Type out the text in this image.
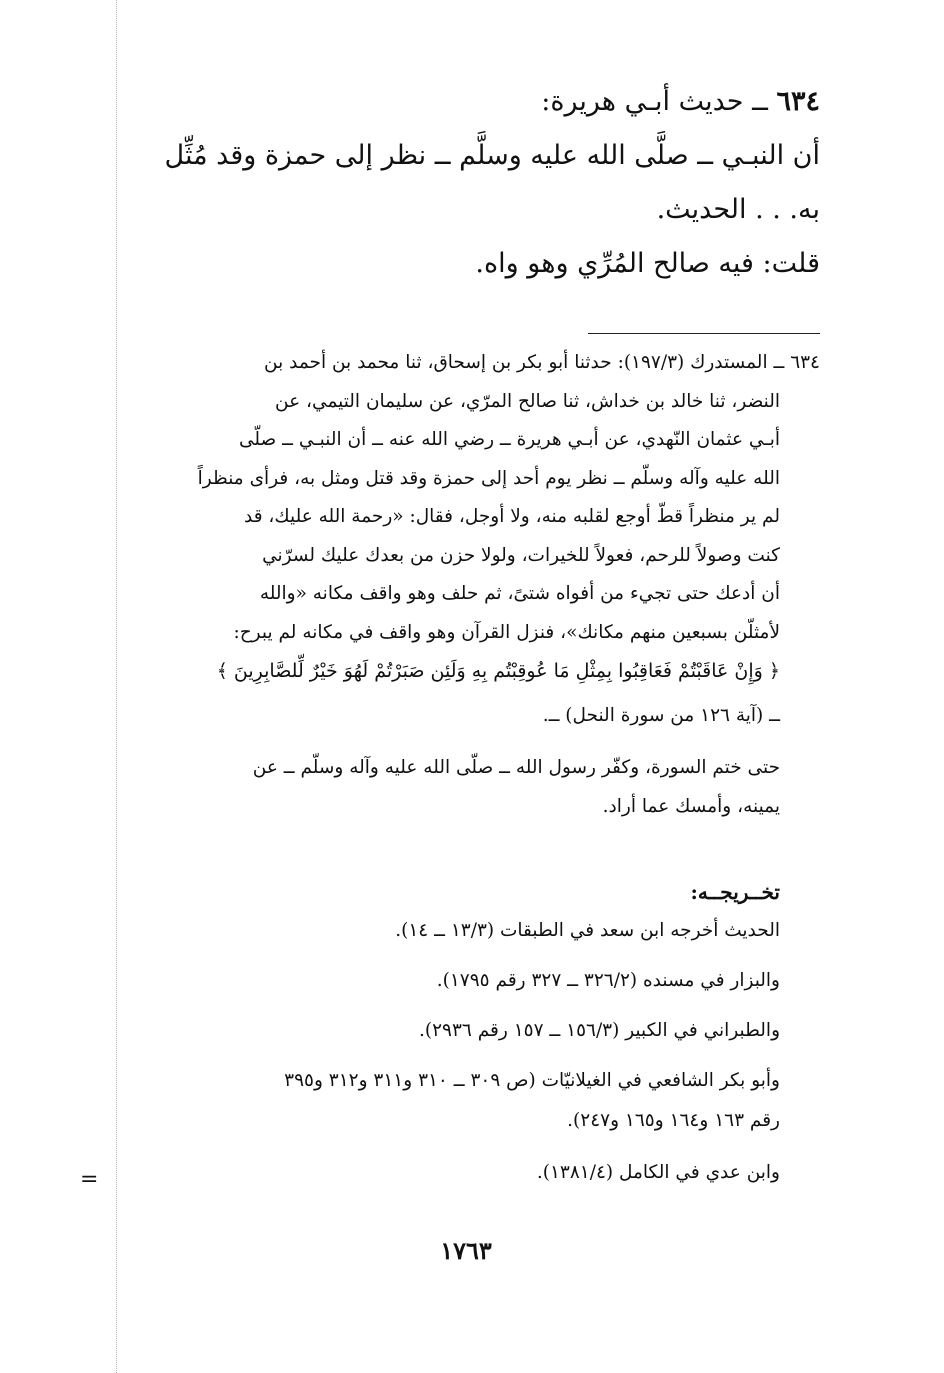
=
٦٣٤ ــ حديث أبـي هريرة:
أن النبـي ــ صلَّى الله عليه وسلَّم ــ نظر إلى حمزة وقد مُثِّل
به. . . الحديث.
قلت: فيه صالح المُرِّي وهو واه.
٦٣٤ ــ المستدرك (١٩٧/٣): حدثنا أبو بكر بن إسحاق، ثنا محمد بن أحمد بن
النضر، ثنا خالد بن خداش، ثنا صالح المرّي، عن سليمان التيمي، عن
أبـي عثمان النّهدي، عن أبـي هريرة ــ رضي الله عنه ــ أن النبـي ــ صلّى
الله عليه وآله وسلّم ــ نظر يوم أحد إلى حمزة وقد قتل ومثل به، فرأى منظراً
لم ير منظراً قطّ أوجع لقلبه منه، ولا أوجل، فقال: «رحمة الله عليك، قد
كنت وصولاً للرحم، فعولاً للخيرات، ولولا حزن من بعدك عليك لسرّني
أن أدعك حتى تجيء من أفواه شتىً، ثم حلف وهو واقف مكانه «والله
لأمثلّن بسبعين منهم مكانك»، فنزل القرآن وهو واقف في مكانه لم يبرح:
﴿ وَإِنْ عَاقَبْتُمْ فَعَاقِبُوا بِمِثْلِ مَا عُوقِبْتُم بِهِ وَلَئِن صَبَرْتُمْ لَهُوَ خَيْرٌ لِّلصَّابِرِينَ ﴾
ــ (آية ١٢٦ من سورة النحل) ــ.
حتى ختم السورة، وكفّر رسول الله ــ صلّى الله عليه وآله وسلّم ــ عن
يمينه، وأمسك عما أراد.
تخــريجــه:
الحديث أخرجه ابن سعد في الطبقات (١٣/٣ ــ ١٤).
والبزار في مسنده (٣٢٦/٢ ــ ٣٢٧ رقم ١٧٩٥).
والطبراني في الكبير (١٥٦/٣ ــ ١٥٧ رقم ٢٩٣٦).
وأبو بكر الشافعي في الغيلانيّات (ص ٣٠٩ ــ ٣١٠ و٣١١ و٣١٢ و٣٩٥
رقم ١٦٣ و١٦٤ و١٦٥ و٢٤٧).
وابن عدي في الكامل (١٣٨١/٤).
١٧٦٣
